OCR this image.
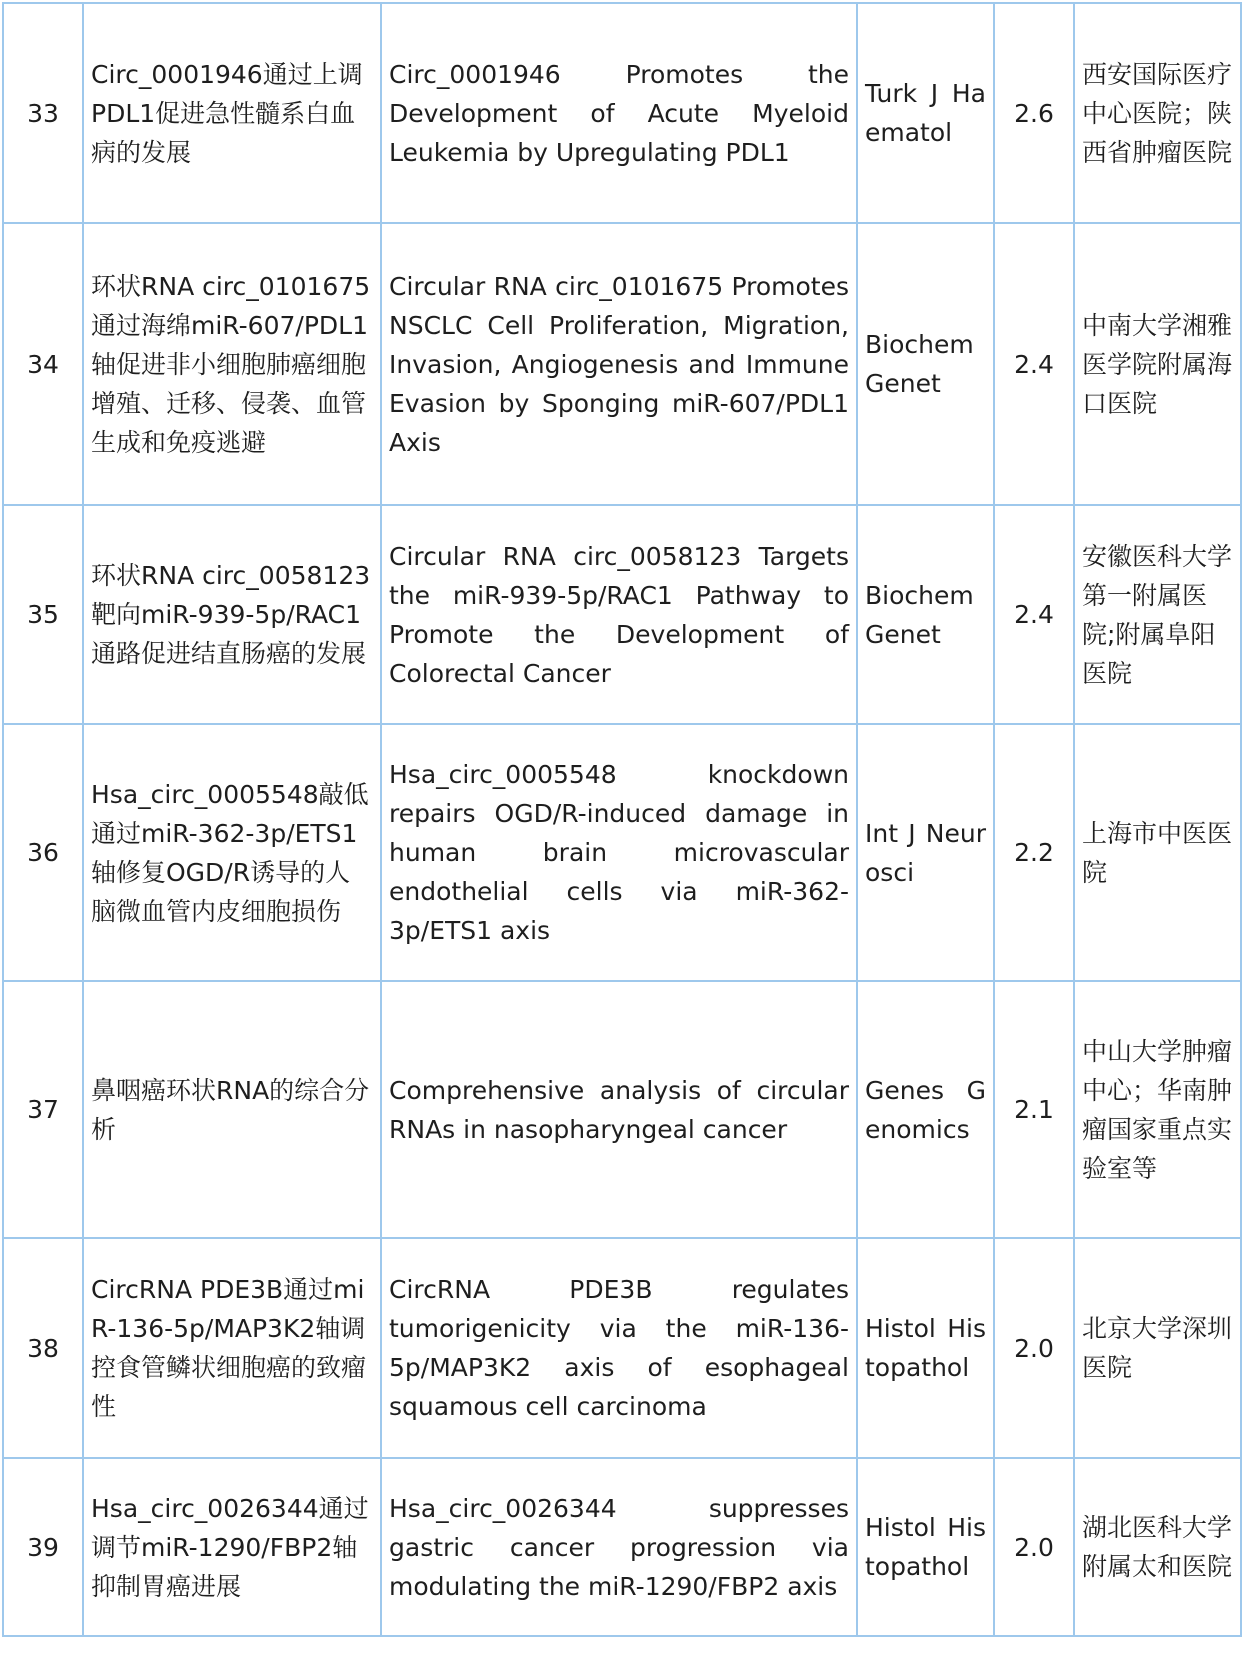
33	Circ_0001946通过上调PDL1促进急性髓系白血病的发展	Circ_0001946 Promotes the Development of Acute Myeloid Leukemia by Upregulating PDL1	Turk J Haematol	2.6	西安国际医疗中心医院；陕西省肿瘤医院
34	环状RNA circ_0101675通过海绵miR-607/PDL1轴促进非小细胞肺癌细胞增殖、迁移、侵袭、血管生成和免疫逃避	Circular RNA circ_0101675 Promotes NSCLC Cell Proliferation, Migration, Invasion, Angiogenesis and Immune Evasion by Sponging miR-607/PDL1 Axis	Biochem Genet	2.4	中南大学湘雅医学院附属海口医院
35	环状RNA circ_0058123靶向miR-939-5p/RAC1通路促进结直肠癌的发展	Circular RNA circ_0058123 Targets the miR-939-5p/RAC1 Pathway to Promote the Development of Colorectal Cancer	Biochem Genet	2.4	安徽医科大学第一附属医院;附属阜阳医院
36	Hsa_circ_0005548敲低通过miR-362-3p/ETS1轴修复OGD/R诱导的人脑微血管内皮细胞损伤	Hsa_circ_0005548 knockdown repairs OGD/R-induced damage in human brain microvascular endothelial cells via miR-362-3p/ETS1 axis	Int J Neurosci	2.2	上海市中医医院
37	鼻咽癌环状RNA的综合分析	Comprehensive analysis of circular RNAs in nasopharyngeal cancer	Genes Genomics	2.1	中山大学肿瘤中心；华南肿瘤国家重点实验室等
38	CircRNA PDE3B通过miR-136-5p/MAP3K2轴调控食管鳞状细胞癌的致瘤性	CircRNA PDE3B regulates tumorigenicity via the miR-136-5p/MAP3K2 axis of esophageal squamous cell carcinoma	Histol Histopathol	2.0	北京大学深圳医院
39	Hsa_circ_0026344通过调节miR-1290/FBP2轴抑制胃癌进展	Hsa_circ_0026344 suppresses gastric cancer progression via modulating the miR-1290/FBP2 axis	Histol Histopathol	2.0	湖北医科大学附属太和医院
